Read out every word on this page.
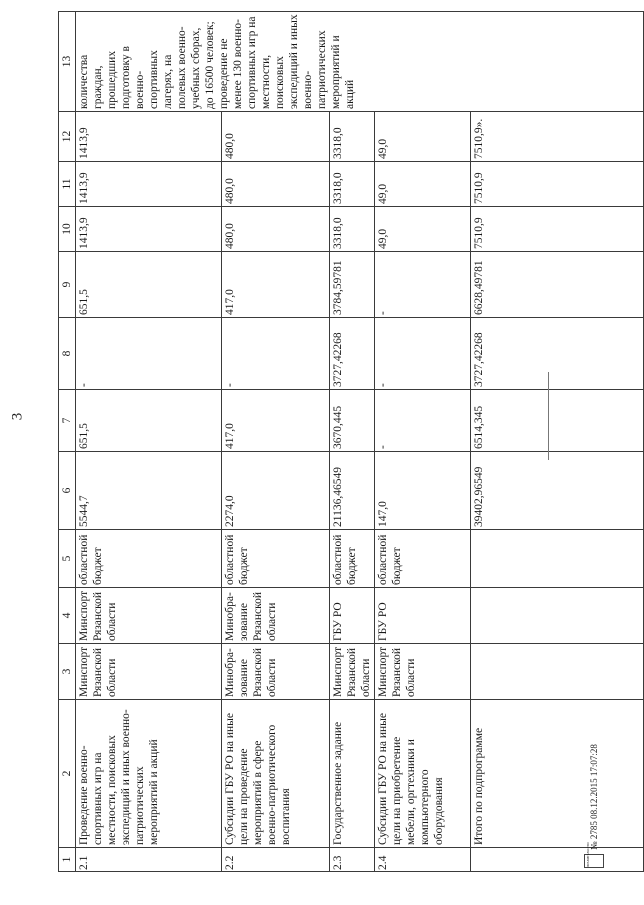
3
1	2	3	4	5	6	7	8	9	10	11	12	13
2.1	Проведение военно-спортивных игр на местности, поисковых экспедиций и иных военно-патриотических мероприятий и акций	Минспорт Рязанской области	Минспорт Рязанской области	областной бюджет	5544,7	651,5	-	651,5	1413,9	1413,9	1413,9	количества граждан, прошедших подготовку в военно-спортивных лагерях, на полевых военно-учебных сборах, до 16500 человек; проведение не менее 130 военно-спортивных игр на местности, поисковых экспедиций и иных военно-патриотических мероприятий и акций
2.2	Субсидии ГБУ РО на иные цели на проведение мероприятий в сфере военно-патриотического воспитания	Минобра-зование Рязанской области	Минобра-зование Рязанской области	областной бюджет	2274,0	417,0	-	417,0	480,0	480,0	480,0	
2.3	Государственное задание	Минспорт Рязанской области	ГБУ РО	областной бюджет	21136,46549	3670,445	3727,42268	3784,59781	3318,0	3318,0	3318,0	
2.4	Субсидии ГБУ РО на иные цели на приобретение мебели, оргтехники и компьютерного оборудования	Минспорт Рязанской области	ГБУ РО	областной бюджет	147,0	-	-	-	49,0	49,0	49,0	
	Итого по подпрограмме				39402,96549	6514,345	3727,42268	6628,49781	7510,9	7510,9	7510,9».	
ПРАВИТЕЛЬСТВО
№ 2785 08.12.2015 17:07:28
